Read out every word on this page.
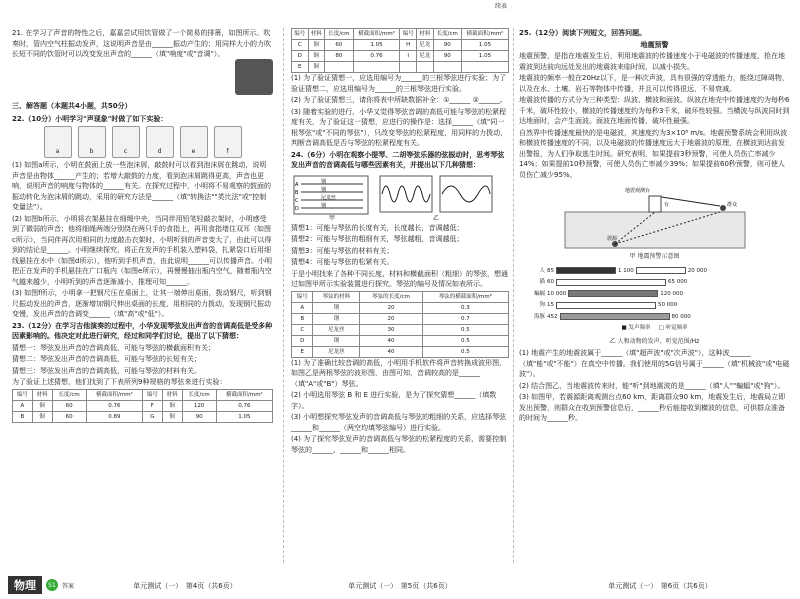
21. 在学习了声音的特性之后，嘉嘉尝试用饮管做了一个简易的排箫，如图所示。吹奏时，管内空气柱振动发声，这说明声音是由______振动产生的；用同样大小的力吹长短不同的饮管时可以改变发出声音的______（填"响度"或"音调"）。

三、解答题（本题共4小题，共50分）

22.（10分）小明学习"声现象"时做了如下实验：

a	b	c	d	e	f

(1) 如图a所示，小明在鼓面上放一些泡沫屑，敲鼓时可以看到泡沫屑在跳动，说明声音是由物体______产生的；若增大敲鼓的力度，看到泡沫屑跳得更高，声音也更响，说明声音的响度与物体的______有关。在探究过程中，小明将不易观察的鼓面的振动转化为泡沫屑的跳动，采用的研究方法是______（填"转换法""类比法"或"控制变量法"）。

(2) 如图b所示，小明将衣架悬挂在细绳中央，当同伴用铅笔轻敲衣架时，小明感受到了微弱的声音；他将细绳两端分别绕在两只手的食指上，再用食指堵住双耳（如图c所示），当同伴再次用相同的力度敲击衣架时，小明听到的声音变大了，由此可以得到的结论是______。小明继续探究，将正在发声的手机装入塑料袋，扎紧袋口后用细线悬挂在水中（如图d所示），他听到手机声音，由此说明______可以传播声音。小明把正在发声的手机悬挂在广口瓶内（如图e所示），再慢慢抽出瓶内空气，随着瓶内空气越来越少，小明听到的声音逐渐减小，推理可知______。

(3) 如图f所示，小明拿一把钢尺压在桌面上，让其一端伸出桌面，拨动钢尺，听到钢尺振动发出的声音，逐渐增加钢尺伸出桌面的长度，用相同的力拨动，发现钢尺振动变慢，发出声音的音调变______（填"高"或"低"）。

23.（12分）在学习吉他演奏的过程中，小华发现琴弦发出声音的音调高低是受多种因素影响的。他决定对此进行研究，经过和同学们讨论，提出了以下猜想：

猜想一：琴弦发出声音的音调高低，可能与琴弦的横截面积有关；

猜想二：琴弦发出声音的音调高低，可能与琴弦的长短有关；

猜想三：琴弦发出声音的音调高低，可能与琴弦的材料有关。

为了验证上述猜想，他们找到了下表所列9种规格的琴弦来进行实验：

编号	材料	长度/cm	横截面积/mm²	编号	材料	长度/cm	横截面积/mm²
A	铜	60	0.76	F	铜	120	0.76
B	铜	60	0.89	G	铜	90	1.05
续表
编号	材料	长度/cm	横截面积/mm²	编号	材料	长度/cm	横截面积/mm²
C	铜	60	1.05	H	尼龙	90	1.05
D	铜	80	0.76	I	尼龙	90	1.05
E	铜						

(1) 为了验证猜想一，应选用编号为______的三根琴弦进行实验；为了验证猜想二，应选用编号为______的三根琴弦进行实验。

(2) 为了验证猜想三，请你将表中所缺数据补全：①______ ②______。

(3) 随着实验的进行，小华又觉得琴弦音调的高低可能与琴弦的松紧程度有关，为了验证这一猜想，应进行的操作是：选择______（填"同一根琴弦"或"不同的琴弦"），只改变琴弦的松紧程度，用同样的力拨动，判断音调高低是否与琴弦的松紧程度有关。

24.（6分）小明在观察小提琴、二胡等弦乐器的弦振动时，思考琴弦发出声音的音调高低与哪些因素有关，并提出以下几种猜想：

A
B
C
D
钢
钢
尼龙丝
钢
甲	乙

猜想1：可能与琴弦的长度有关，长度越长，音调越低；

猜想2：可能与琴弦的粗细有关，琴弦越粗，音调越低；

猜想3：可能与琴弦的材料有关；

猜想4：可能与琴弦的松紧有关。

于是小明找来了各种不同长度、材料和横截面积（粗细）的琴弦，想通过如图甲所示实验装置进行探究。琴弦的编号及情况如表所示。

编号	琴弦的材料	琴弦的长度/cm	琴弦的横截面积/mm²
A	钢	20	0.3
B	钢	20	0.7
C	尼龙丝	30	0.5
D	钢	40	0.5
E	尼龙丝	40	0.5

(1) 为了准确比较音调的高低，小明用手机软件将声音转换成波形图，如图乙是两根琴弦的波形图，由图可知，音调较高的是______（填"A"或"B"）琴弦。

(2) 小明选用琴弦 B 和 E 进行实验，是为了探究猜想______（填数字）。

(3) 小明想探究琴弦发声的音调高低与琴弦的粗细的关系，应选择琴弦______和______（两空均填琴弦编号）进行实验。

(4) 为了探究琴弦发声的音调高低与琴弦的松紧程度的关系，需要控制琴弦的______、______和______相同。

25.（12分）阅读下列短文，回答问题。

地震预警

地震预警，是指在地震发生后，利用地震波的传播速度小于电磁波的传播速度，抢在地震波到达前向远处发出的地震波来临时间，以减小损失。

地震波的频率一般在20Hz以下，是一种次声波，具有很强的穿透能力，能绕过障碍物，以及在水、土壤、岩石等物体中传播，并且可以传得很远，不易衰减。

地震波传播的方式分为三种类型：纵波、横波和面波。纵波在地壳中传播速度约为每秒6千米，破坏性较小，横波的传播速度约为每秒3千米，破坏性较强。当横波与纵波同时到达地面时，会产生面波。面波在地面传播，破坏性最强。

自然界中传播速度最快的是电磁波，其速度约为3×10⁸ m/s。地震预警系统会利用纵波和横波传播速度的不同，以及电磁波的传播速度远大于地震波的原理，在横波到达前发出警报，为人们争取逃生时间。研究表明，如果提前3秒预警，可使人员伤亡率减少14%；如果提前10秒预警，可使人员伤亡率减少39%；如果提前60秒预警，则可使人员伤亡减少95%。

地震观测台
群众
震源
台

甲 地震预警示意图

人 85	1 100	20 000
猫 60	65 000
蝙蝠 10 000	120 000
狗 15	50 000
海豚 452	80 000
■ 发声频率 □ 听觉频率

乙 人和动物的发声、听觉范围/Hz

(1) 地震产生的地震波属于______（填"超声波"或"次声波"），这种波______（填"能"或"不能"）在真空中传播。我们使用的5G信号属于______（填"机械波"或"电磁波"）。

(2) 结合图乙，当地震波传来时，能"听"到地震波的是______（填"人""蝙蝠"或"狗"）。

(3) 如图甲，若震源距离观测台点60 km，距离群众90 km，地震发生后，地震局立即发出预警，则群众在收到预警信息后，______秒后能接收到横波的信息，可供群众准备的时间为______秒。

物理	S1	答案	单元测试（一）　第4页（共6页）	单元测试（一）　第5页（共6页）	单元测试（一）　第6页（共6页）
